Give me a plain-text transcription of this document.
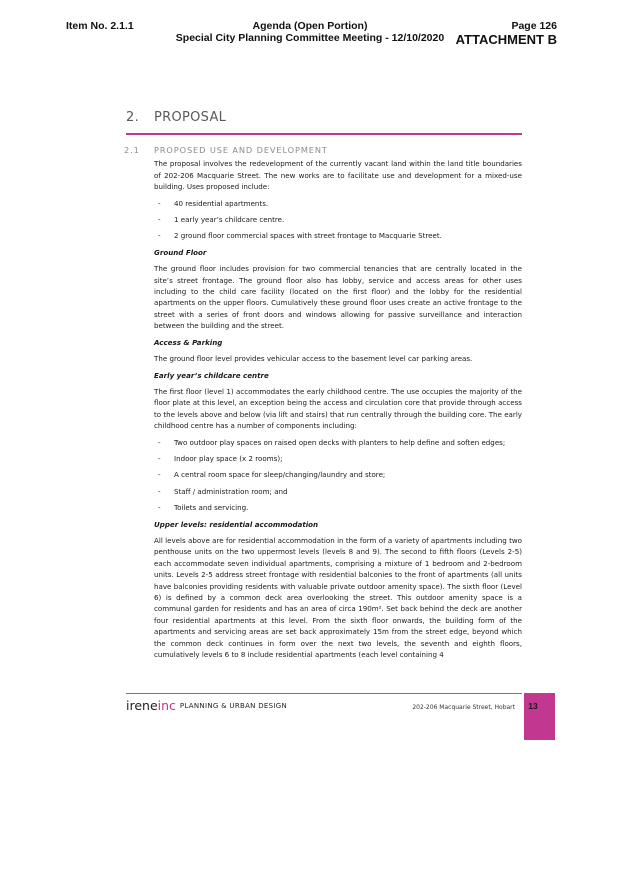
Item No. 2.1.1	Agenda (Open Portion)
Special City Planning Committee Meeting - 12/10/2020
Page 126
ATTACHMENT B
2. PROPOSAL
2.1 PROPOSED USE AND DEVELOPMENT

The proposal involves the redevelopment of the currently vacant land within the land title boundaries of 202-206 Macquarie Street. The new works are to facilitate use and development for a mixed-use building. Uses proposed include:

- 40 residential apartments.
- 1 early year’s childcare centre.
- 2 ground floor commercial spaces with street frontage to Macquarie Street.
Ground Floor

The ground floor includes provision for two commercial tenancies that are centrally located in the site’s street frontage. The ground floor also has lobby, service and access areas for other uses including to the child care facility (located on the first floor) and the lobby for the residential apartments on the upper floors. Cumulatively these ground floor uses create an active frontage to the street with a series of front doors and windows allowing for passive surveillance and interaction between the building and the street.

Access & Parking

The ground floor level provides vehicular access to the basement level car parking areas.

Early year’s childcare centre

The first floor (level 1) accommodates the early childhood centre. The use occupies the majority of the floor plate at this level, an exception being the access and circulation core that provide through access to the levels above and below (via lift and stairs) that run centrally through the building core. The early childhood centre has a number of components including:

- Two outdoor play spaces on raised open decks with planters to help define and soften edges;
- Indoor play space (x 2 rooms);
- A central room space for sleep/changing/laundry and store;
- Staff / administration room; and
- Toilets and servicing.
Upper levels: residential accommodation

All levels above are for residential accommodation in the form of a variety of apartments including two penthouse units on the two uppermost levels (levels 8 and 9). The second to fifth floors (Levels 2-5) each accommodate seven individual apartments, comprising a mixture of 1 bedroom and 2-bedroom units. Levels 2-5 address street frontage with residential balconies to the front of apartments (all units have balconies providing residents with valuable private outdoor amenity space). The sixth floor (Level 6) is defined by a common deck area overlooking the street. This outdoor amenity space is a communal garden for residents and has an area of circa 190m². Set back behind the deck are another four residential apartments at this level. From the sixth floor onwards, the building form of the apartments and servicing areas are set back approximately 15m from the street edge, beyond which the common deck continues in form over the next two levels, the seventh and eighth floors, cumulatively levels 6 to 8 include residential apartments (each level containing 4

ireneinc PLANNING & URBAN DESIGN	202-206 Macquarie Street, Hobart	13
